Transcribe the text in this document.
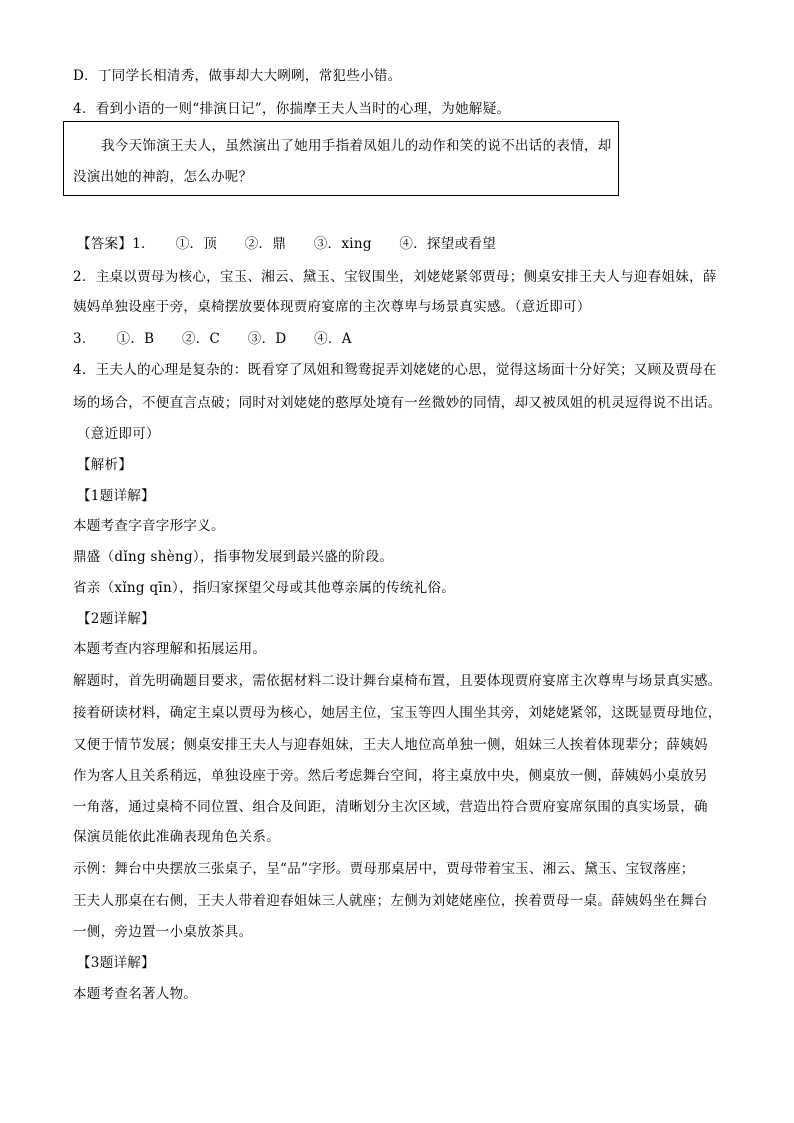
D．丁同学长相清秀，做事却大大咧咧，常犯些小错。
4．看到小语的一则“排演日记”，你揣摩王夫人当时的心理，为她解疑。
我今天饰演王夫人，虽然演出了她用手指着凤姐儿的动作和笑的说不出话的表情，却
没演出她的神韵，怎么办呢？
【答案】1．　　①．顶　　②．鼎　　③．xing　　④．探望或看望
2．主桌以贾母为核心，宝玉、湘云、黛玉、宝钗围坐，刘姥姥紧邻贾母；侧桌安排王夫人与迎春姐妹，薛
姨妈单独设座于旁，桌椅摆放要体现贾府宴席的主次尊卑与场景真实感。（意近即可）
3．　　①．B　　②．C　　③．D　　④．A
4．王夫人的心理是复杂的：既看穿了凤姐和鸳鸯捉弄刘姥姥的心思，觉得这场面十分好笑；又顾及贾母在
场的场合，不便直言点破；同时对刘姥姥的憨厚处境有一丝微妙的同情，却又被凤姐的机灵逗得说不出话。
（意近即可）
【解析】
【1题详解】
本题考查字音字形字义。
鼎盛（dǐng shèng），指事物发展到最兴盛的阶段。
省亲（xǐng qīn），指归家探望父母或其他尊亲属的传统礼俗。
【2题详解】
本题考查内容理解和拓展运用。
解题时，首先明确题目要求，需依据材料二设计舞台桌椅布置，且要体现贾府宴席主次尊卑与场景真实感。
接着研读材料，确定主桌以贾母为核心，她居主位，宝玉等四人围坐其旁，刘姥姥紧邻，这既显贾母地位，
又便于情节发展；侧桌安排王夫人与迎春姐妹，王夫人地位高单独一侧，姐妹三人挨着体现辈分；薛姨妈
作为客人且关系稍远，单独设座于旁。然后考虑舞台空间，将主桌放中央，侧桌放一侧，薛姨妈小桌放另
一角落，通过桌椅不同位置、组合及间距，清晰划分主次区域，营造出符合贾府宴席氛围的真实场景，确
保演员能依此准确表现角色关系。
示例：舞台中央摆放三张桌子，呈“品”字形。贾母那桌居中，贾母带着宝玉、湘云、黛玉、宝钗落座；
王夫人那桌在右侧，王夫人带着迎春姐妹三人就座；左侧为刘姥姥座位，挨着贾母一桌。薛姨妈坐在舞台
一侧，旁边置一小桌放茶具。
【3题详解】
本题考查名著人物。
